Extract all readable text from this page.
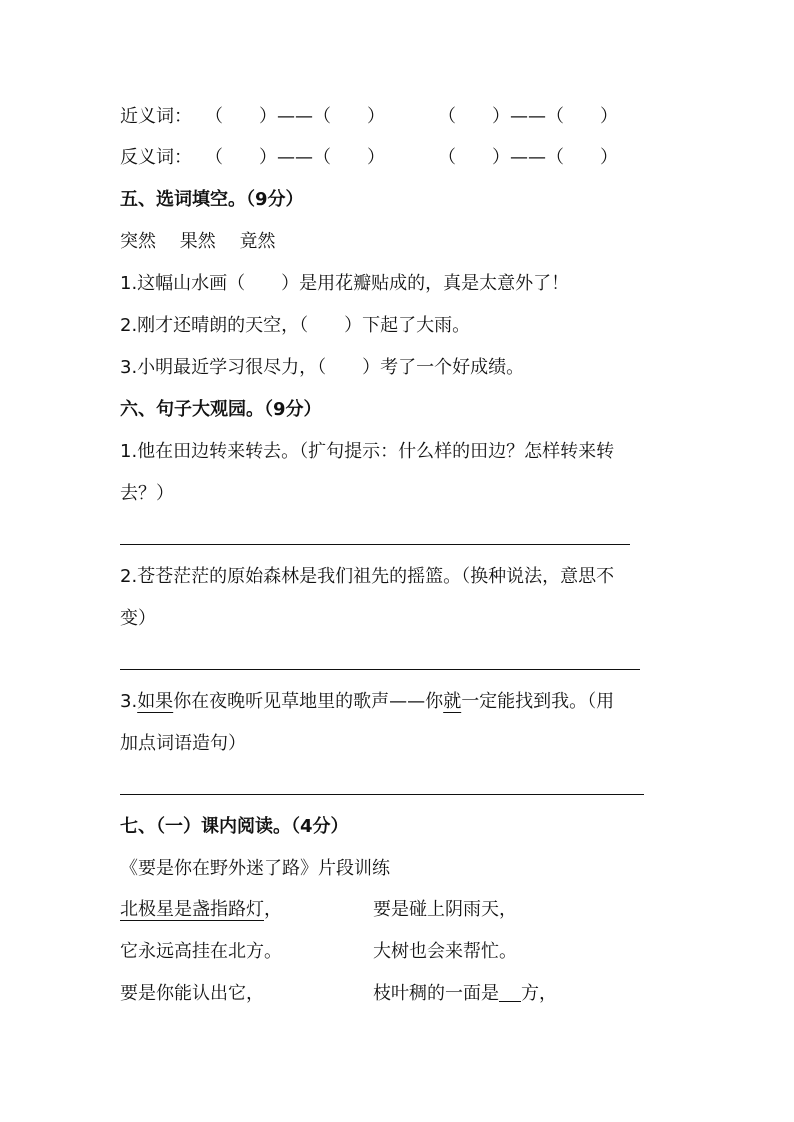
近义词： （　　）——（　　）	（　　）——（　　）
反义词： （　　）——（　　）	（　　）——（　　）
五、选词填空。（9分）
突然　 果然　 竟然
1.这幅山水画（　　）是用花瓣贴成的，真是太意外了！
2.刚才还晴朗的天空，（　　）下起了大雨。
3.小明最近学习很尽力，（　　）考了一个好成绩。
六、句子大观园。（9分）
1.他在田边转来转去。（扩句提示：什么样的田边？怎样转来转
去？）
2.苍苍茫茫的原始森林是我们祖先的摇篮。（换种说法，意思不
变）
3.如果你在夜晚听见草地里的歌声——你就一定能找到我。（用
加点词语造句）
七、（一）课内阅读。（4分）
《要是你在野外迷了路》片段训练
北极星是盏指路灯，
它永远高挂在北方。
要是你能认出它，
要是碰上阴雨天，
大树也会来帮忙。
枝叶稠的一面是 方，
